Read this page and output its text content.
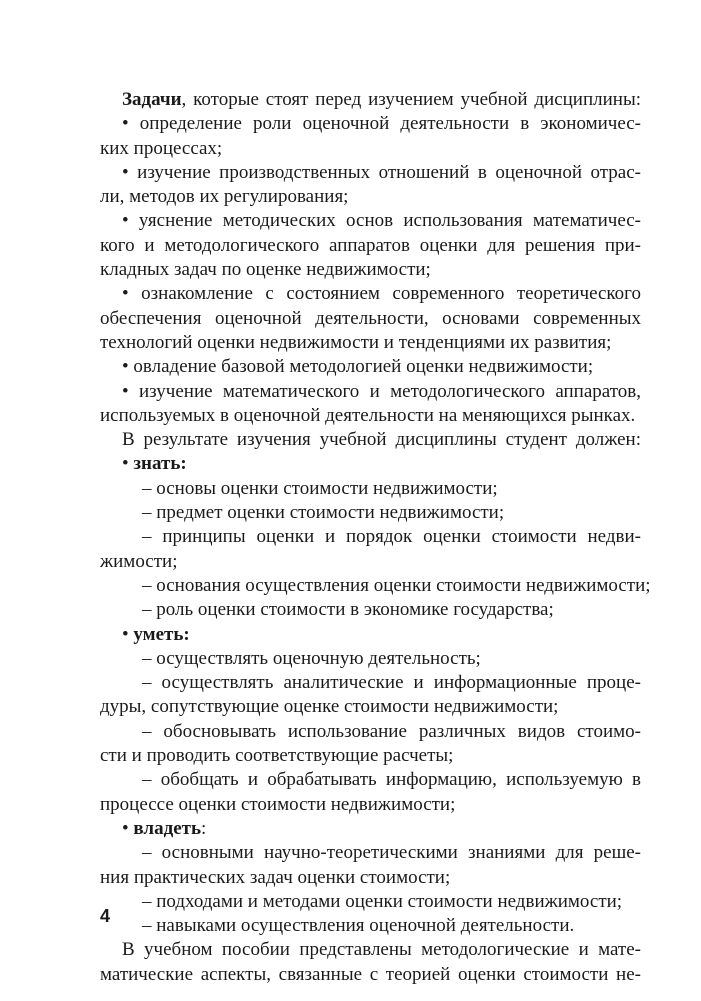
Задачи, которые стоят перед изучением учебной дисциплины:
• определение роли оценочной деятельности в экономичес-
ких процессах;
• изучение производственных отношений в оценочной отрас-
ли, методов их регулирования;
• уяснение методических основ использования математичес-
кого и методологического аппаратов оценки для решения при-
кладных задач по оценке недвижимости;
• ознакомление с состоянием современного теоретического
обеспечения оценочной деятельности, основами современных
технологий оценки недвижимости и тенденциями их развития;
• овладение базовой методологией оценки недвижимости;
• изучение математического и методологического аппаратов,
используемых в оценочной деятельности на меняющихся рынках.
В результате изучения учебной дисциплины студент должен:
• знать:
– основы оценки стоимости недвижимости;
– предмет оценки стоимости недвижимости;
– принципы оценки и порядок оценки стоимости недви-
жимости;
– основания осуществления оценки стоимости недвижимости;
– роль оценки стоимости в экономике государства;
• уметь:
– осуществлять оценочную деятельность;
– осуществлять аналитические и информационные проце-
дуры, сопутствующие оценке стоимости недвижимости;
– обосновывать использование различных видов стоимо-
сти и проводить соответствующие расчеты;
– обобщать и обрабатывать информацию, используемую в
процессе оценки стоимости недвижимости;
• владеть:
– основными научно-теоретическими знаниями для реше-
ния практических задач оценки стоимости;
– подходами и методами оценки стоимости недвижимости;
– навыками осуществления оценочной деятельности.
В учебном пособии представлены методологические и мате-
матические аспекты, связанные с теорией оценки стоимости не-
4
